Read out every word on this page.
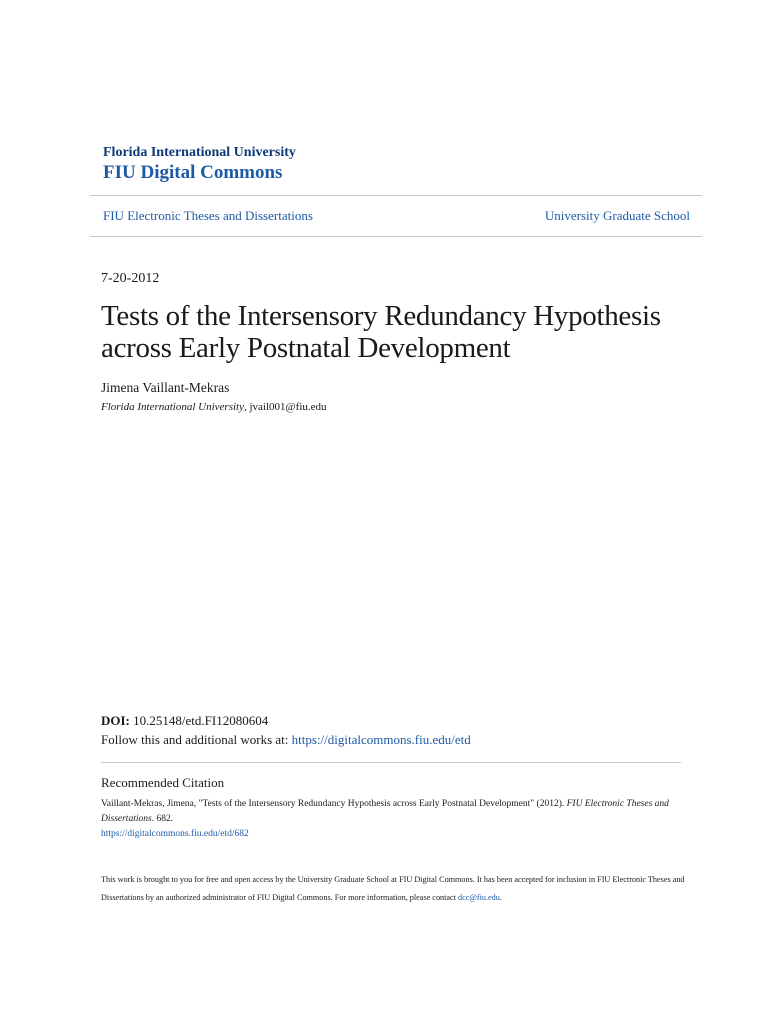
Florida International University
FIU Digital Commons
FIU Electronic Theses and Dissertations	University Graduate School
7-20-2012
Tests of the Intersensory Redundancy Hypothesis
across Early Postnatal Development
Jimena Vaillant-Mekras
Florida International University, jvail001@fiu.edu
DOI: 10.25148/etd.FI12080604
Follow this and additional works at: https://digitalcommons.fiu.edu/etd
Recommended Citation
Vaillant-Mekras, Jimena, "Tests of the Intersensory Redundancy Hypothesis across Early Postnatal Development" (2012). FIU Electronic Theses and Dissertations. 682.
https://digitalcommons.fiu.edu/etd/682
This work is brought to you for free and open access by the University Graduate School at FIU Digital Commons. It has been accepted for inclusion in FIU Electronic Theses and Dissertations by an authorized administrator of FIU Digital Commons. For more information, please contact dcc@fiu.edu.
